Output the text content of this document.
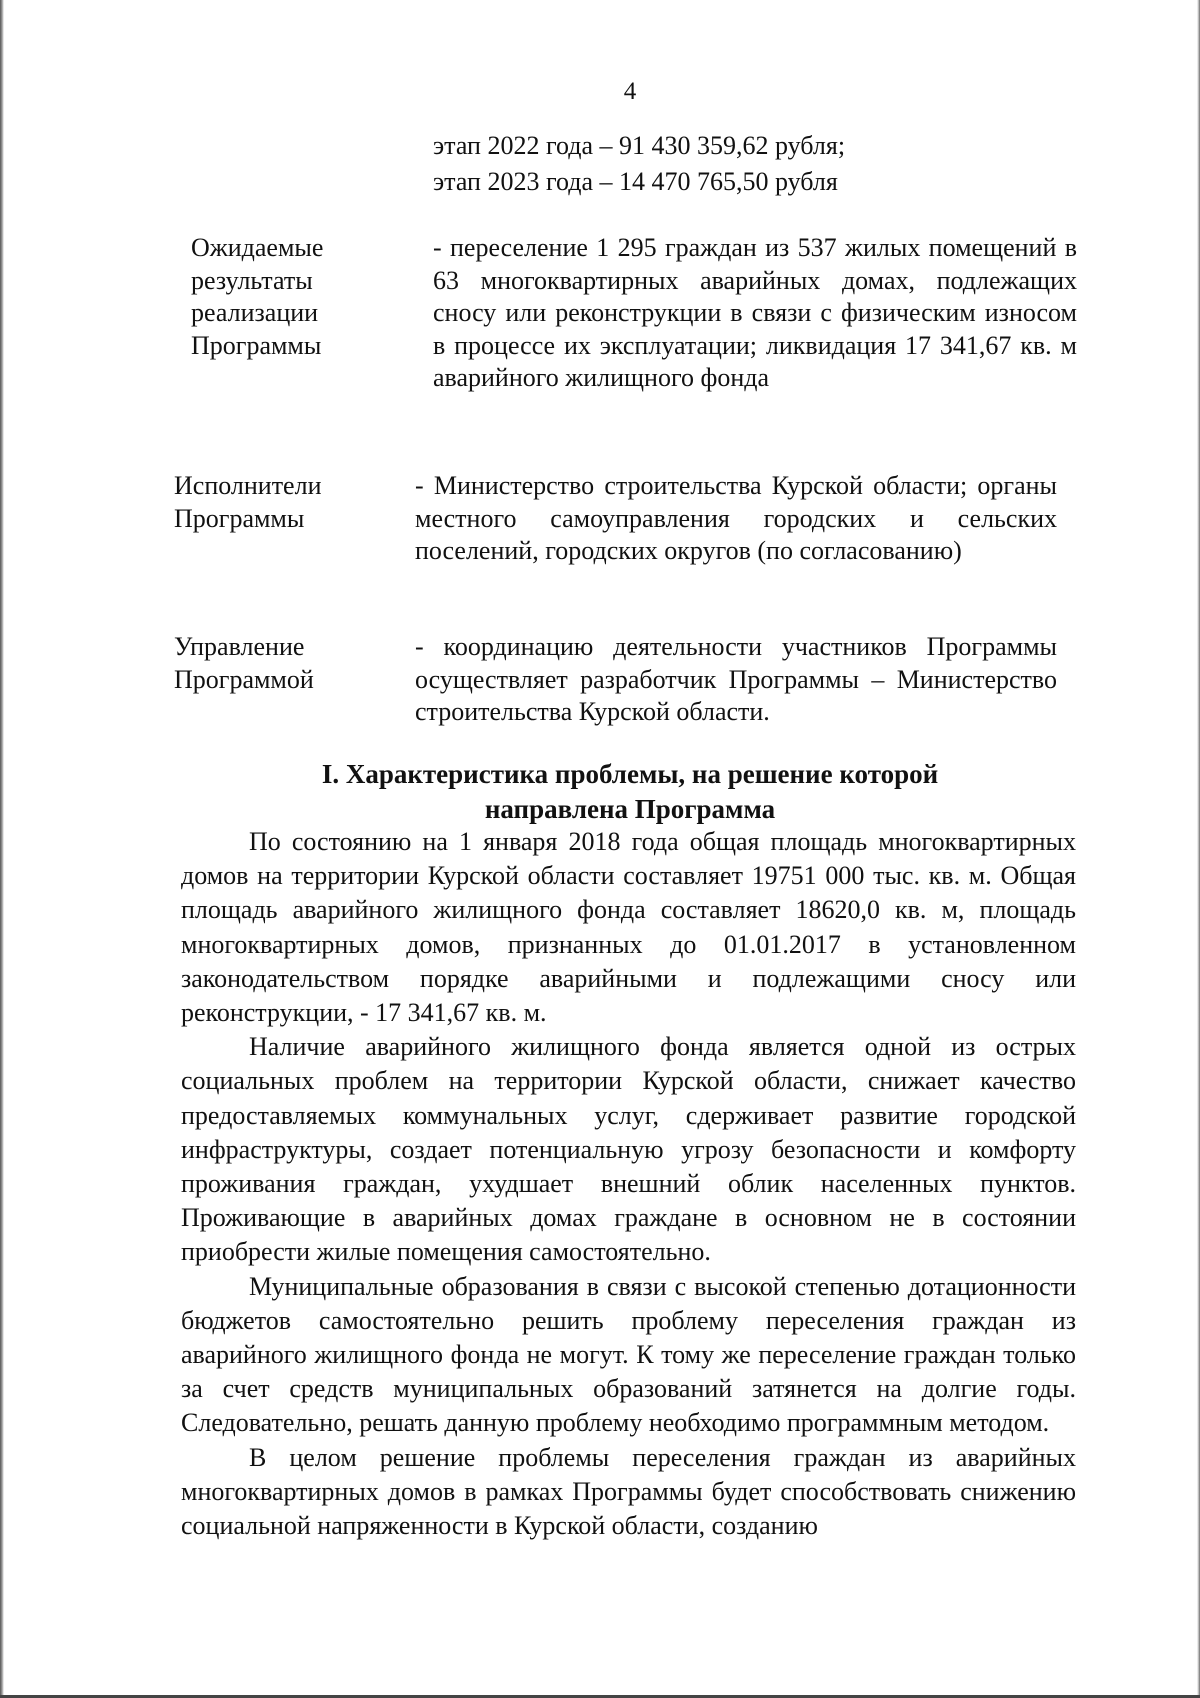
4
этап 2022 года – 91 430 359,62 рубля;
этап 2023 года – 14 470 765,50 рубля
Ожидаемые
результаты
реализации
Программы
- переселение 1 295 граждан из 537 жилых помещений в 63 многоквартирных аварийных домах, подлежащих сносу или реконструкции в связи с физическим износом в процессе их эксплуатации; ликвидация 17 341,67 кв. м аварийного жилищного фонда
Исполнители
Программы
- Министерство строительства Курской области; органы местного самоуправления городских и сельских поселений, городских округов (по согласованию)
Управление
Программой
- координацию деятельности участников Программы осуществляет разработчик Программы – Министерство строительства Курской области.
I. Характеристика проблемы, на решение которой
направлена Программа

По состоянию на 1 января 2018 года общая площадь многоквартирных домов на территории Курской области составляет 19751 000 тыс. кв. м. Общая площадь аварийного жилищного фонда составляет 18620,0 кв. м, площадь многоквартирных домов, признанных до 01.01.2017 в установленном законодательством порядке аварийными и подлежащими сносу или реконструкции, - 17 341,67 кв. м.

Наличие аварийного жилищного фонда является одной из острых социальных проблем на территории Курской области, снижает качество предоставляемых коммунальных услуг, сдерживает развитие городской инфраструктуры, создает потенциальную угрозу безопасности и комфорту проживания граждан, ухудшает внешний облик населенных пунктов. Проживающие в аварийных домах граждане в основном не в состоянии приобрести жилые помещения самостоятельно.

Муниципальные образования в связи с высокой степенью дотационности бюджетов самостоятельно решить проблему переселения граждан из аварийного жилищного фонда не могут. К тому же переселение граждан только за счет средств муниципальных образований затянется на долгие годы. Следовательно, решать данную проблему необходимо программным методом.

В целом решение проблемы переселения граждан из аварийных многоквартирных домов в рамках Программы будет способствовать снижению социальной напряженности в Курской области, созданию
